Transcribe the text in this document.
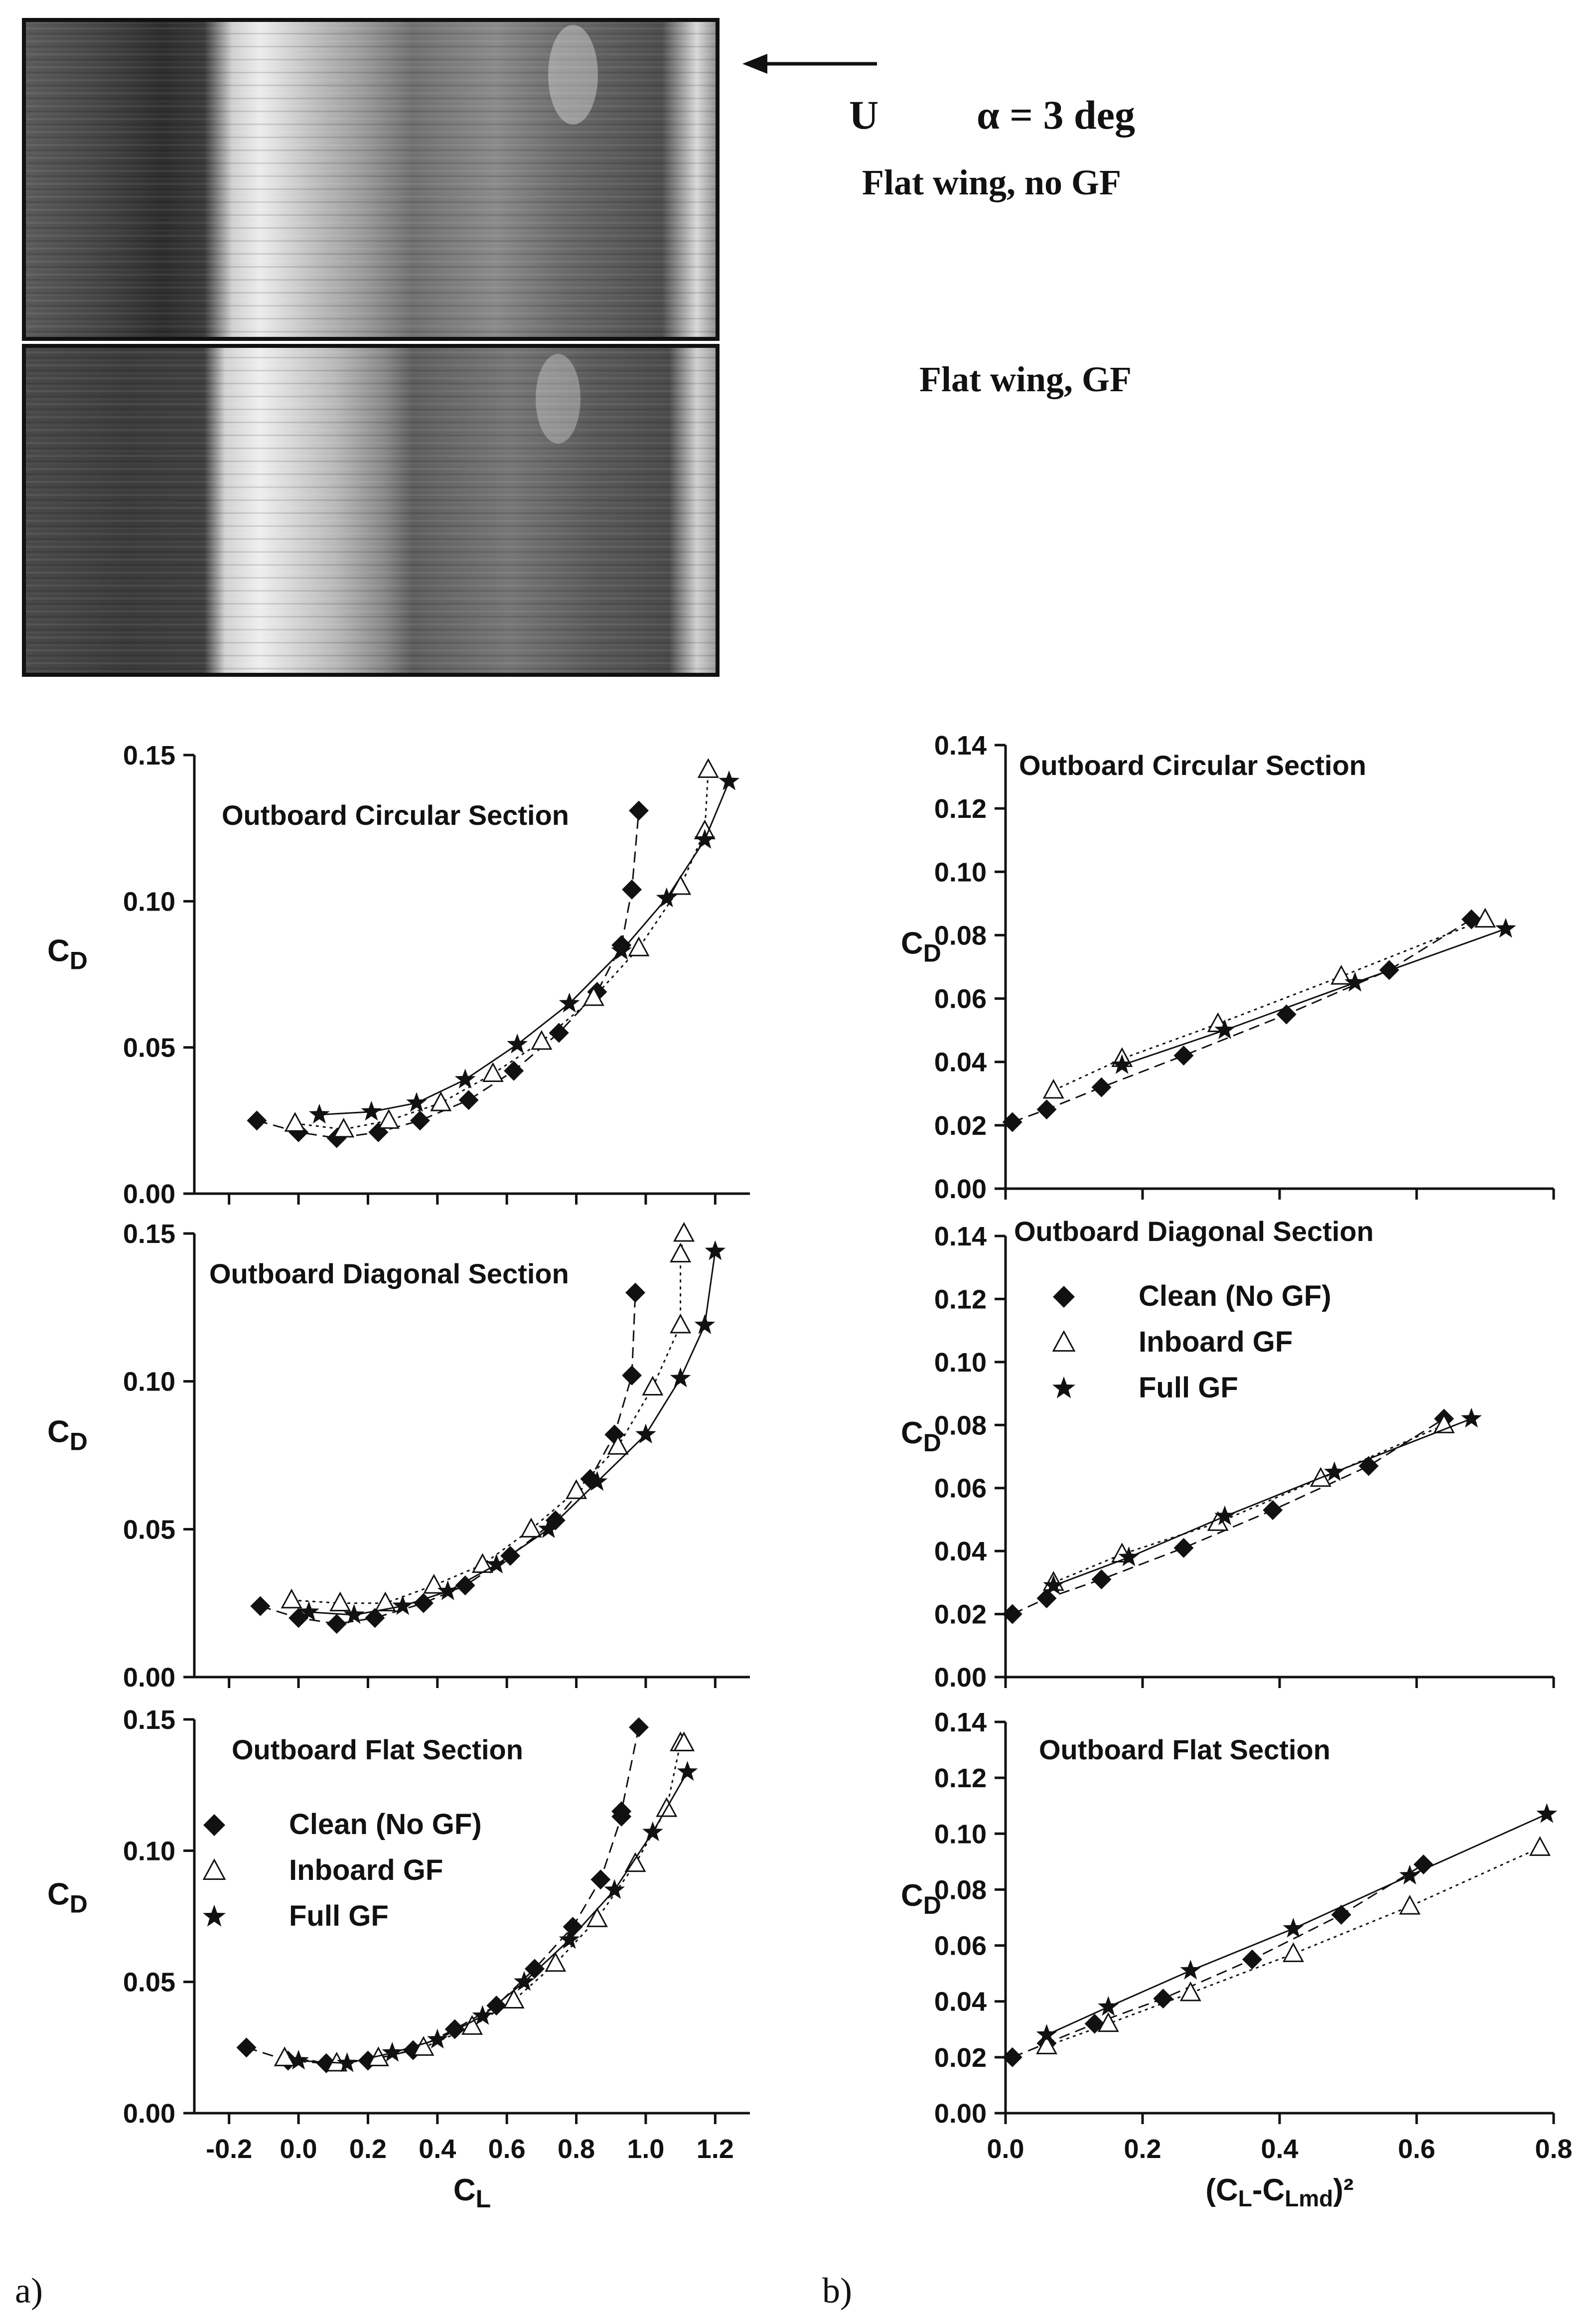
U α = 3 deg
Flat wing, no GF
Flat wing, GF
a)	b)
0.00
0.05
0.10
0.15
$C_D$
Outboard Circular Section
0.00
0.02
0.04
0.06
0.08
0.10
0.12
0.14
$C_D$
Outboard Circular Section
0.00
0.05
0.10
0.15
$C_D$
Outboard Diagonal Section
0.00
0.02
0.04
0.06
0.08
0.10
0.12
0.14
$C_D$
Outboard Diagonal Section
Clean (No GF)
Inboard GF
Full GF
0.00
0.05
0.10
0.15
-0.2 0.0 0.2 0.4 0.6 0.8 1.0 1.2
$C_D$
$C_L$
Outboard Flat Section
Clean (No GF)
Inboard GF
Full GF
0.00
0.02
0.04
0.06
0.08
0.10
0.12
0.14
0.0	0.2	0.4	0.6	0.8
$C_D$
(CL-CLmd)²
Outboard Flat Section
